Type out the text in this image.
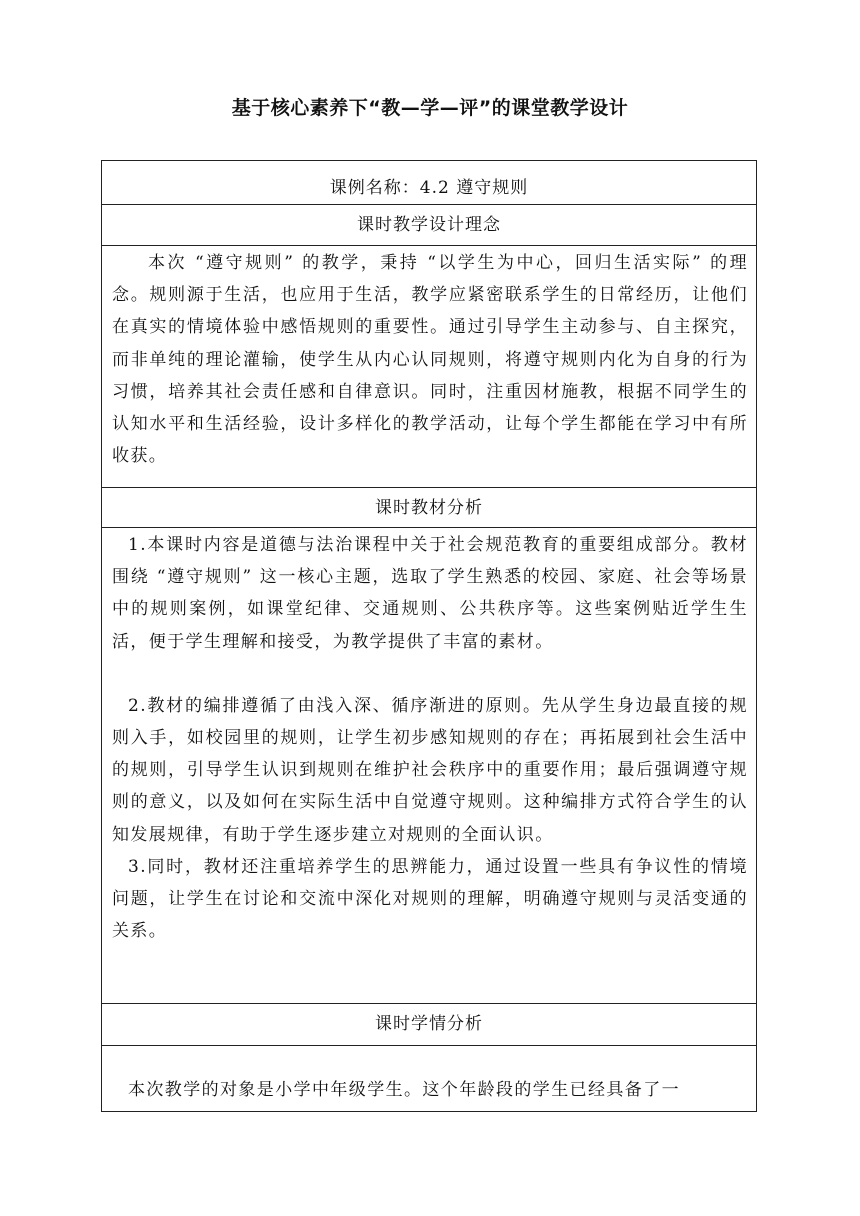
基于核心素养下“教—学—评”的课堂教学设计
课例名称：4.2 遵守规则
课时教学设计理念

本次 “遵守规则” 的教学，秉持 “以学生为中心，回归生活实际” 的理念。规则源于生活，也应用于生活，教学应紧密联系学生的日常经历，让他们在真实的情境体验中感悟规则的重要性。通过引导学生主动参与、自主探究，而非单纯的理论灌输，使学生从内心认同规则，将遵守规则内化为自身的行为习惯，培养其社会责任感和自律意识。同时，注重因材施教，根据不同学生的认知水平和生活经验，设计多样化的教学活动，让每个学生都能在学习中有所收获。

课时教材分析

1.本课时内容是道德与法治课程中关于社会规范教育的重要组成部分。教材围绕 “遵守规则” 这一核心主题，选取了学生熟悉的校园、家庭、社会等场景中的规则案例，如课堂纪律、交通规则、公共秩序等。这些案例贴近学生生活，便于学生理解和接受，为教学提供了丰富的素材。

2.教材的编排遵循了由浅入深、循序渐进的原则。先从学生身边最直接的规则入手，如校园里的规则，让学生初步感知规则的存在；再拓展到社会生活中的规则，引导学生认识到规则在维护社会秩序中的重要作用；最后强调遵守规则的意义，以及如何在实际生活中自觉遵守规则。这种编排方式符合学生的认知发展规律，有助于学生逐步建立对规则的全面认识。

3.同时，教材还注重培养学生的思辨能力，通过设置一些具有争议性的情境问题，让学生在讨论和交流中深化对规则的理解，明确遵守规则与灵活变通的关系。

课时学情分析

本次教学的对象是小学中年级学生。这个年龄段的学生已经具备了一
